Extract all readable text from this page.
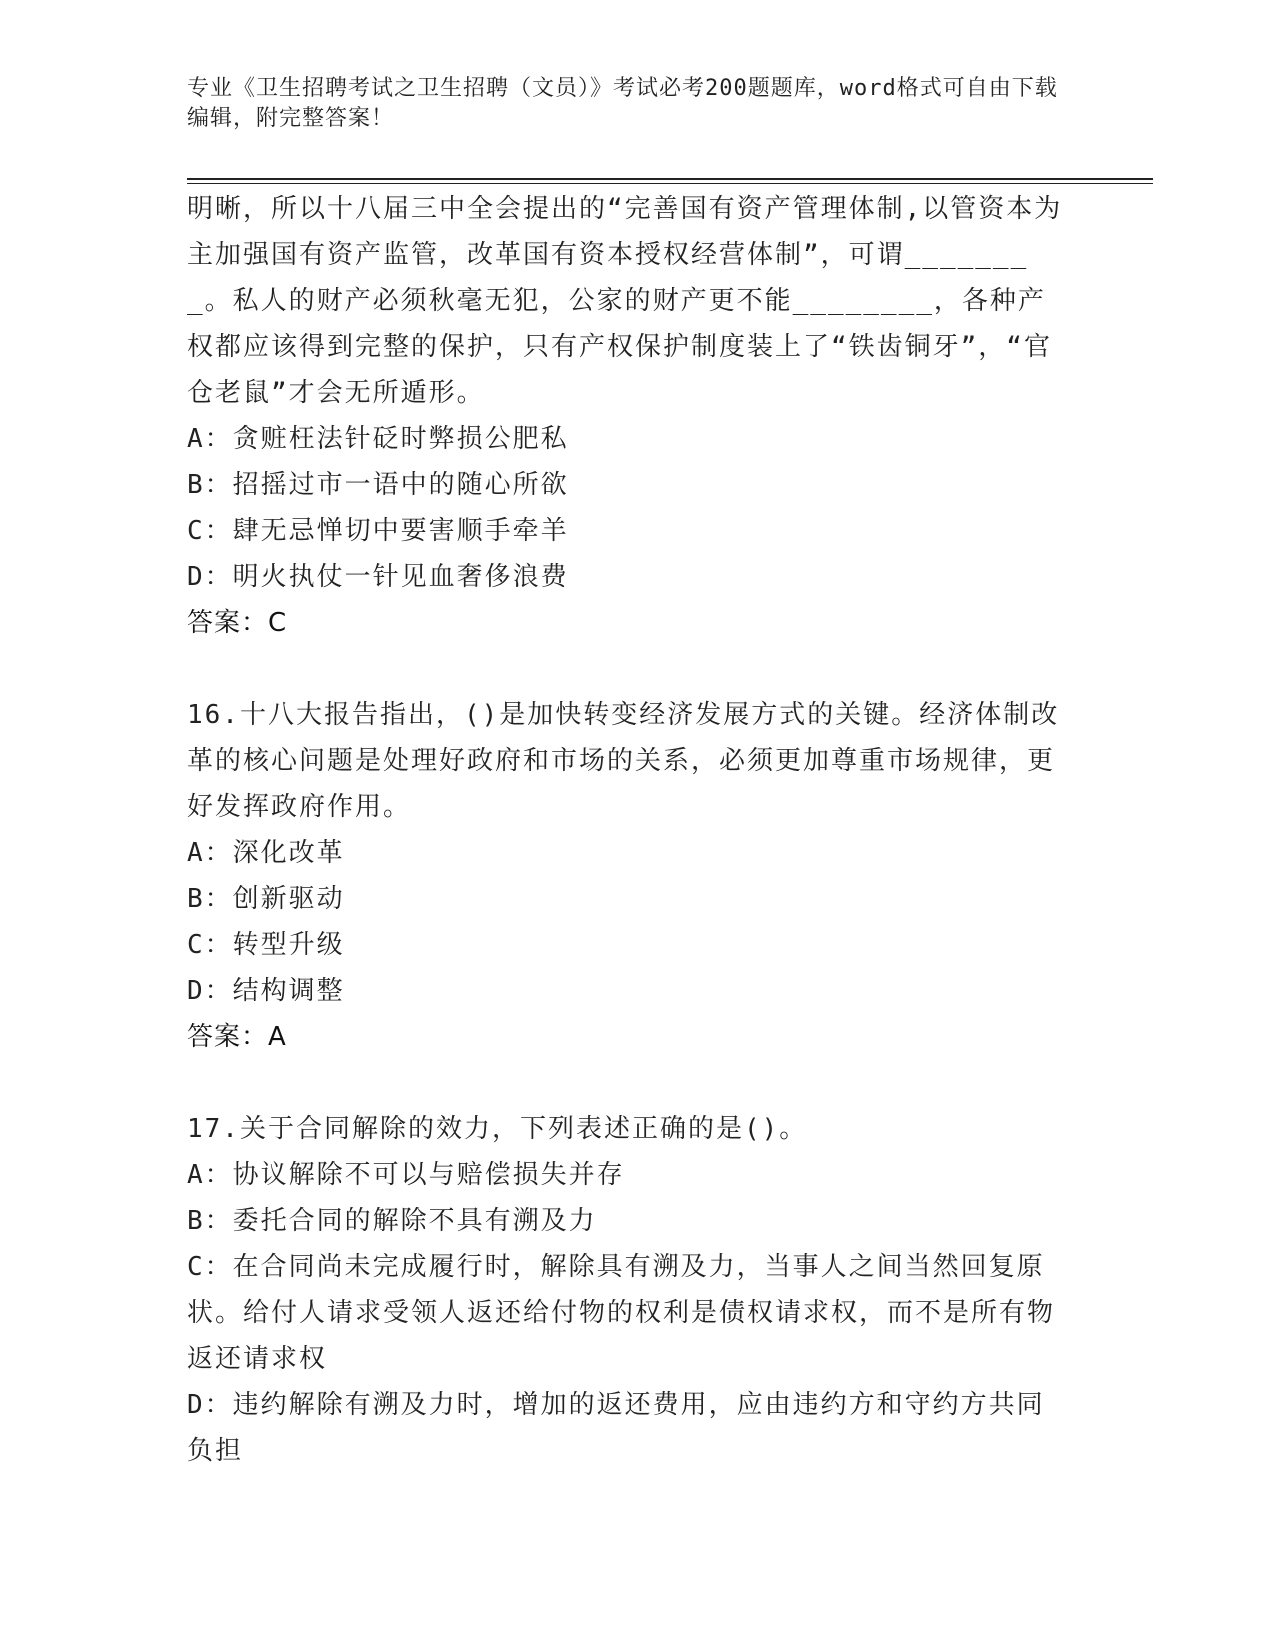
专业《卫生招聘考试之卫生招聘（文员）》考试必考200题题库，word格式可自由下载编辑，附完整答案！

明晰，所以十八届三中全会提出的“完善国有资产管理体制,以管资本为主加强国有资产监管，改革国有资本授权经营体制”，可谓________。私人的财产必须秋毫无犯，公家的财产更不能________，各种产权都应该得到完整的保护，只有产权保护制度装上了“铁齿铜牙”，“官仓老鼠”才会无所遁形。

A：贪赃枉法针砭时弊损公肥私

B：招摇过市一语中的随心所欲

C：肆无忌惮切中要害顺手牵羊

D：明火执仗一针见血奢侈浪费

答案：C

16.十八大报告指出，()是加快转变经济发展方式的关键。经济体制改革的核心问题是处理好政府和市场的关系，必须更加尊重市场规律，更好发挥政府作用。

A：深化改革

B：创新驱动

C：转型升级

D：结构调整

答案：A

17.关于合同解除的效力，下列表述正确的是()。

A：协议解除不可以与赔偿损失并存

B：委托合同的解除不具有溯及力

C：在合同尚未完成履行时，解除具有溯及力，当事人之间当然回复原状。给付人请求受领人返还给付物的权利是债权请求权，而不是所有物返还请求权

D：违约解除有溯及力时，增加的返还费用，应由违约方和守约方共同负担
